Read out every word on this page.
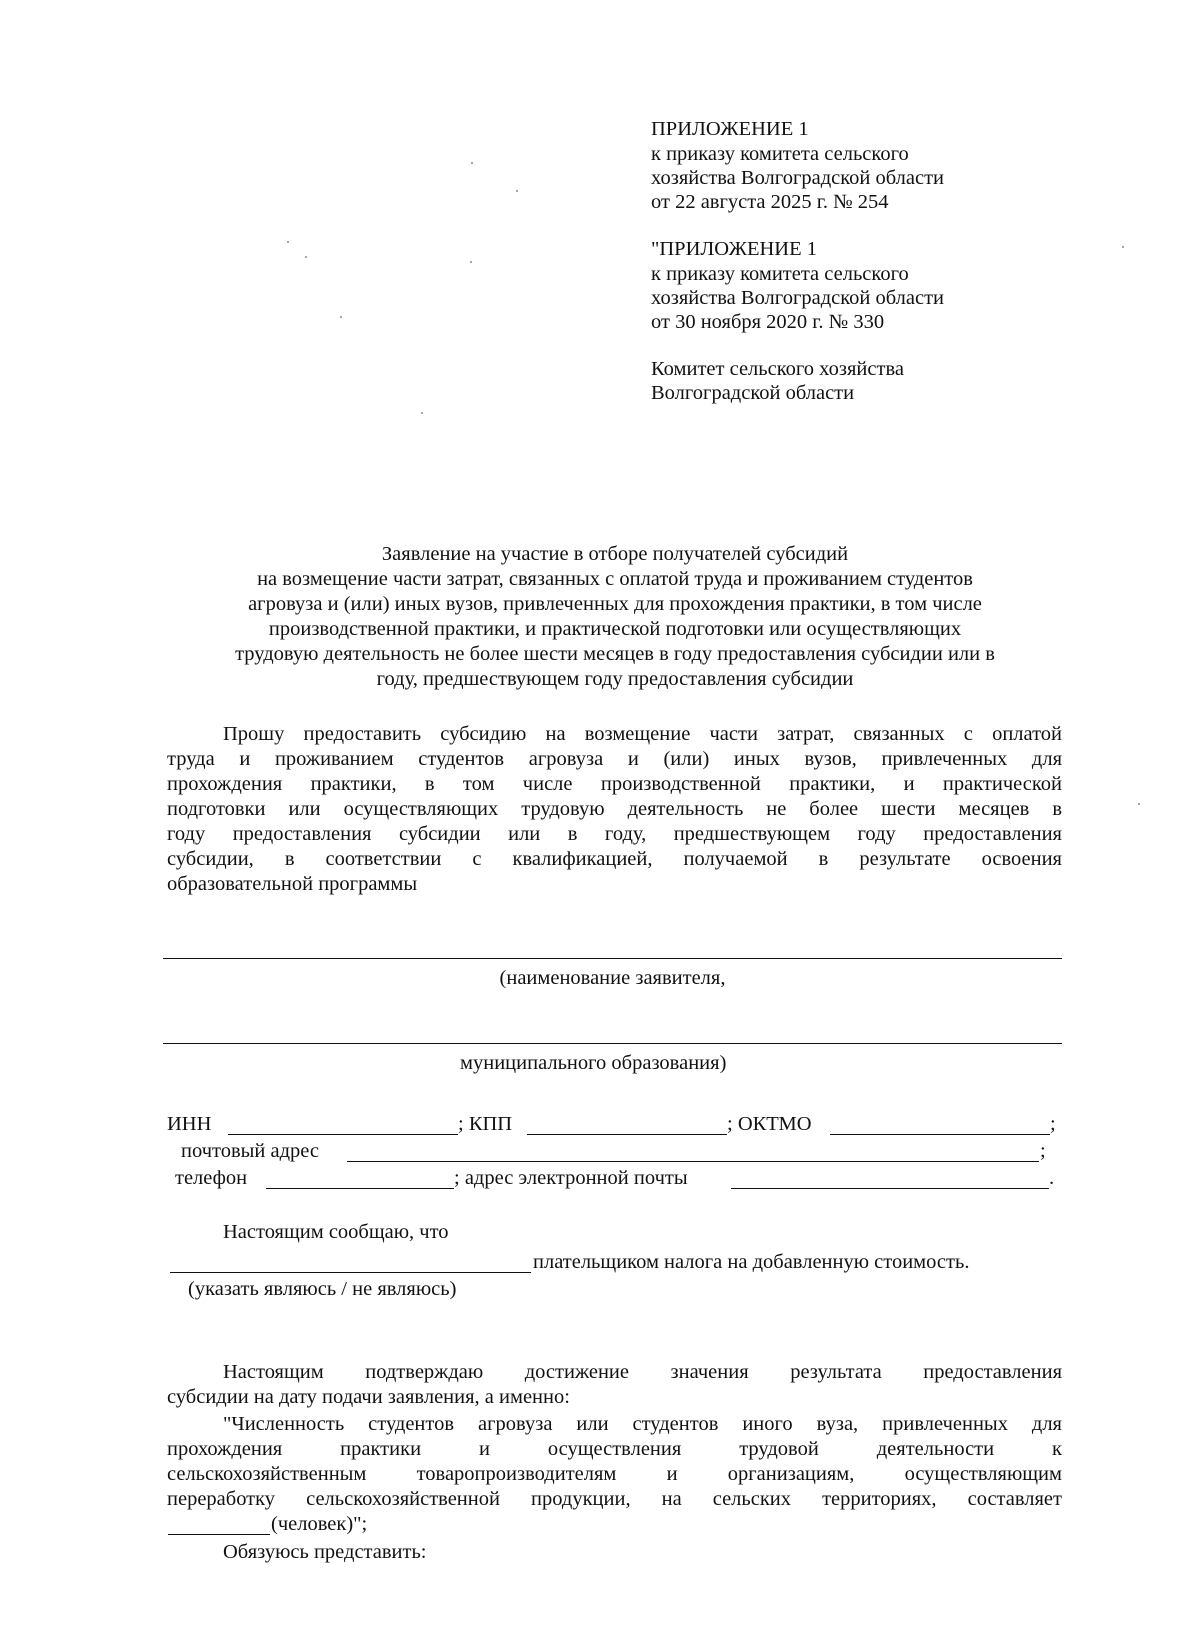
ПРИЛОЖЕНИЕ 1
к приказу комитета сельского
хозяйства Волгоградской области
от 22 августа 2025 г. № 254
"ПРИЛОЖЕНИЕ 1
к приказу комитета сельского
хозяйства Волгоградской области
от 30 ноября 2020 г. № 330
Комитет сельского хозяйства
Волгоградской области
Заявление на участие в отборе получателей субсидий
на возмещение части затрат, связанных с оплатой труда и проживанием студентов
агровуза и (или) иных вузов, привлеченных для прохождения практики, в том числе
производственной практики, и практической подготовки или осуществляющих
трудовую деятельность не более шести месяцев в году предоставления субсидии или в
году, предшествующем году предоставления субсидии
Прошу предоставить субсидию на возмещение части затрат, связанных с оплатой
труда и проживанием студентов агровуза и (или) иных вузов, привлеченных для
прохождения практики, в том числе производственной практики, и практической
подготовки или осуществляющих трудовую деятельность не более шести месяцев в
году предоставления субсидии или в году, предшествующем году предоставления
субсидии, в соответствии с квалификацией, получаемой в результате освоения
образовательной программы
(наименование заявителя,
муниципального образования)
ИНН	; КПП	; ОКТМО	;
почтовый адрес	;
телефон	; адрес электронной почты	.
Настоящим сообщаю, что
плательщиком налога на добавленную стоимость.
(указать являюсь / не являюсь)
Настоящим подтверждаю достижение значения результата предоставления
субсидии на дату подачи заявления, а именно:
"Численность студентов агровуза или студентов иного вуза, привлеченных для
прохождения практики и осуществления трудовой деятельности к
сельскохозяйственным товаропроизводителям и организациям, осуществляющим
переработку сельскохозяйственной продукции, на сельских территориях, составляет
(человек)";
Обязуюсь представить:
